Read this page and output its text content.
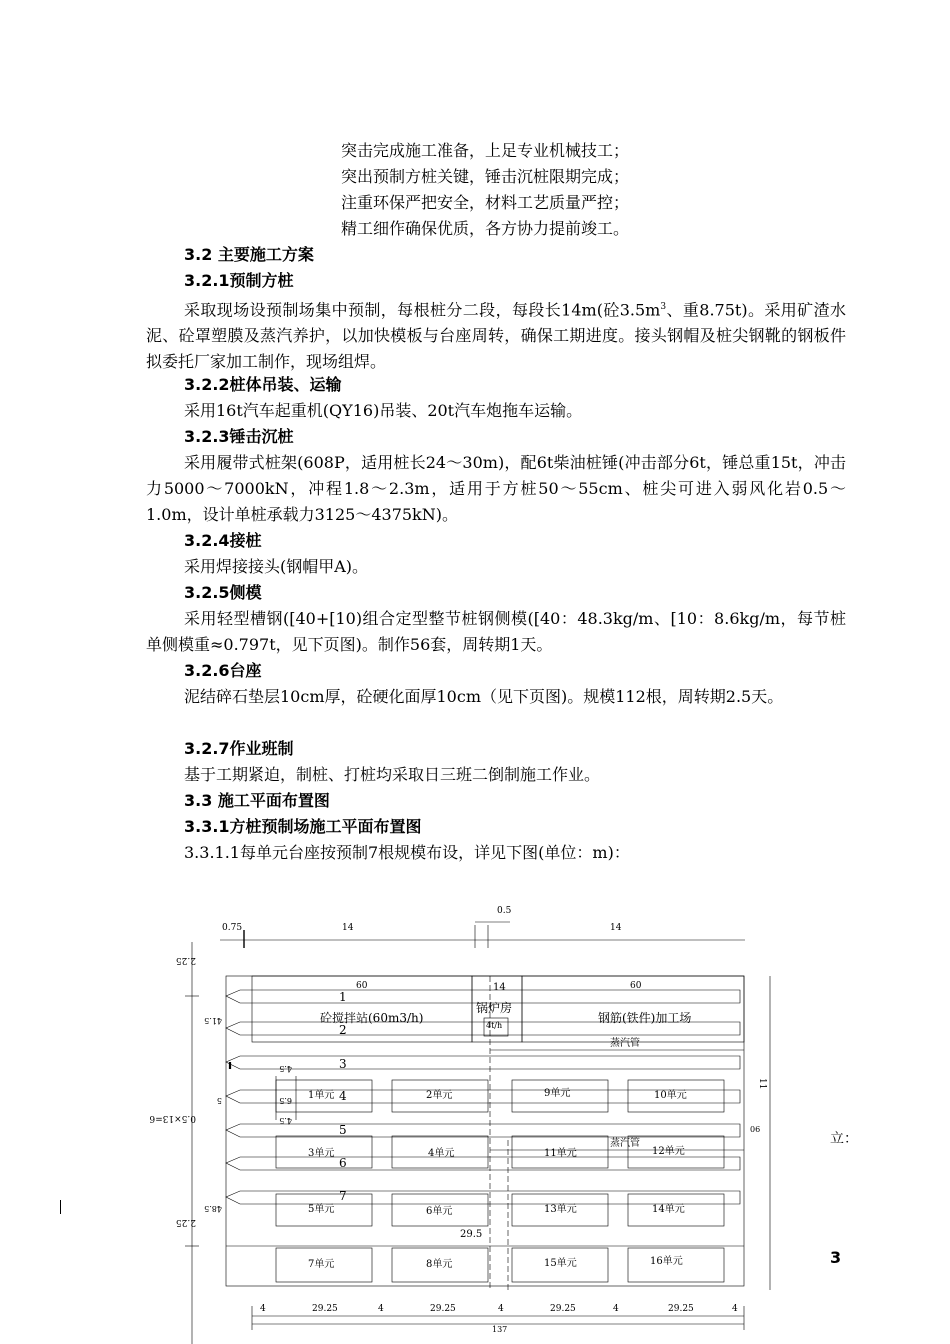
突击完成施工准备，上足专业机械技工；
突出预制方桩关键，锤击沉桩限期完成；
注重环保严把安全，材料工艺质量严控；
精工细作确保优质，各方协力提前竣工。
3.2 主要施工方案
3.2.1预制方桩
采取现场设预制场集中预制，每根桩分二段，每段长14m(砼$3.5m^3$、重8.75t)。采用矿渣水泥、砼罩塑膜及蒸汽养护，以加快模板与台座周转，确保工期进度。接头钢帽及桩尖钢靴的钢板件拟委托厂家加工制作，现场组焊。
3.2.2桩体吊装、运输
采用16t汽车起重机(QY16)吊装、20t汽车炮拖车运输。
3.2.3锤击沉桩
采用履带式桩架(608P，适用桩长24～30m)，配6t柴油桩锤(冲击部分6t，锤总重15t，冲击力5000～7000kN，冲程1.8～2.3m，适用于方桩50～55cm、桩尖可进入弱风化岩0.5～1.0m，设计单桩承载力3125～4375kN)。
3.2.4接桩
采用焊接接头(钢帽甲A)。
3.2.5侧模
采用轻型槽钢([40+[10)组合定型整节桩钢侧模([40：48.3kg/m、[10：8.6kg/m，每节桩单侧模重≈0.797t，见下页图)。制作56套，周转期1天。
3.2.6台座
泥结碎石垫层10cm厚，砼硬化面厚10cm（见下页图)。规模112根，周转期2.5天。
3.2.7作业班制
基于工期紧迫，制桩、打桩均采取日三班二倒制施工作业。
3.3 施工平面布置图
3.3.1方桩预制场施工平面布置图
3.3.1.1每单元台座按预制7根规模布设，详见下图(单位：m)：
0.75	14
0.5
14
2.25
41.5
4.5
6.5
0.5×13=6
5
4.5
48.5
2.25
11
06
60	14	60
1
2
3
4
5
6
7
砼搅拌站(60m3/h)
锅炉房
4t/h
钢筋(铁件)加工场
蒸汽管
蒸汽管
1单元	2单元	9单元	10单元
3单元	4单元	11单元	12单元
5单元	6单元	13单元	14单元
7单元	8单元	15单元	16单元
29.5
4	29.25	4	29.25	4	29.25	4	29.25	4
137
立：
3
